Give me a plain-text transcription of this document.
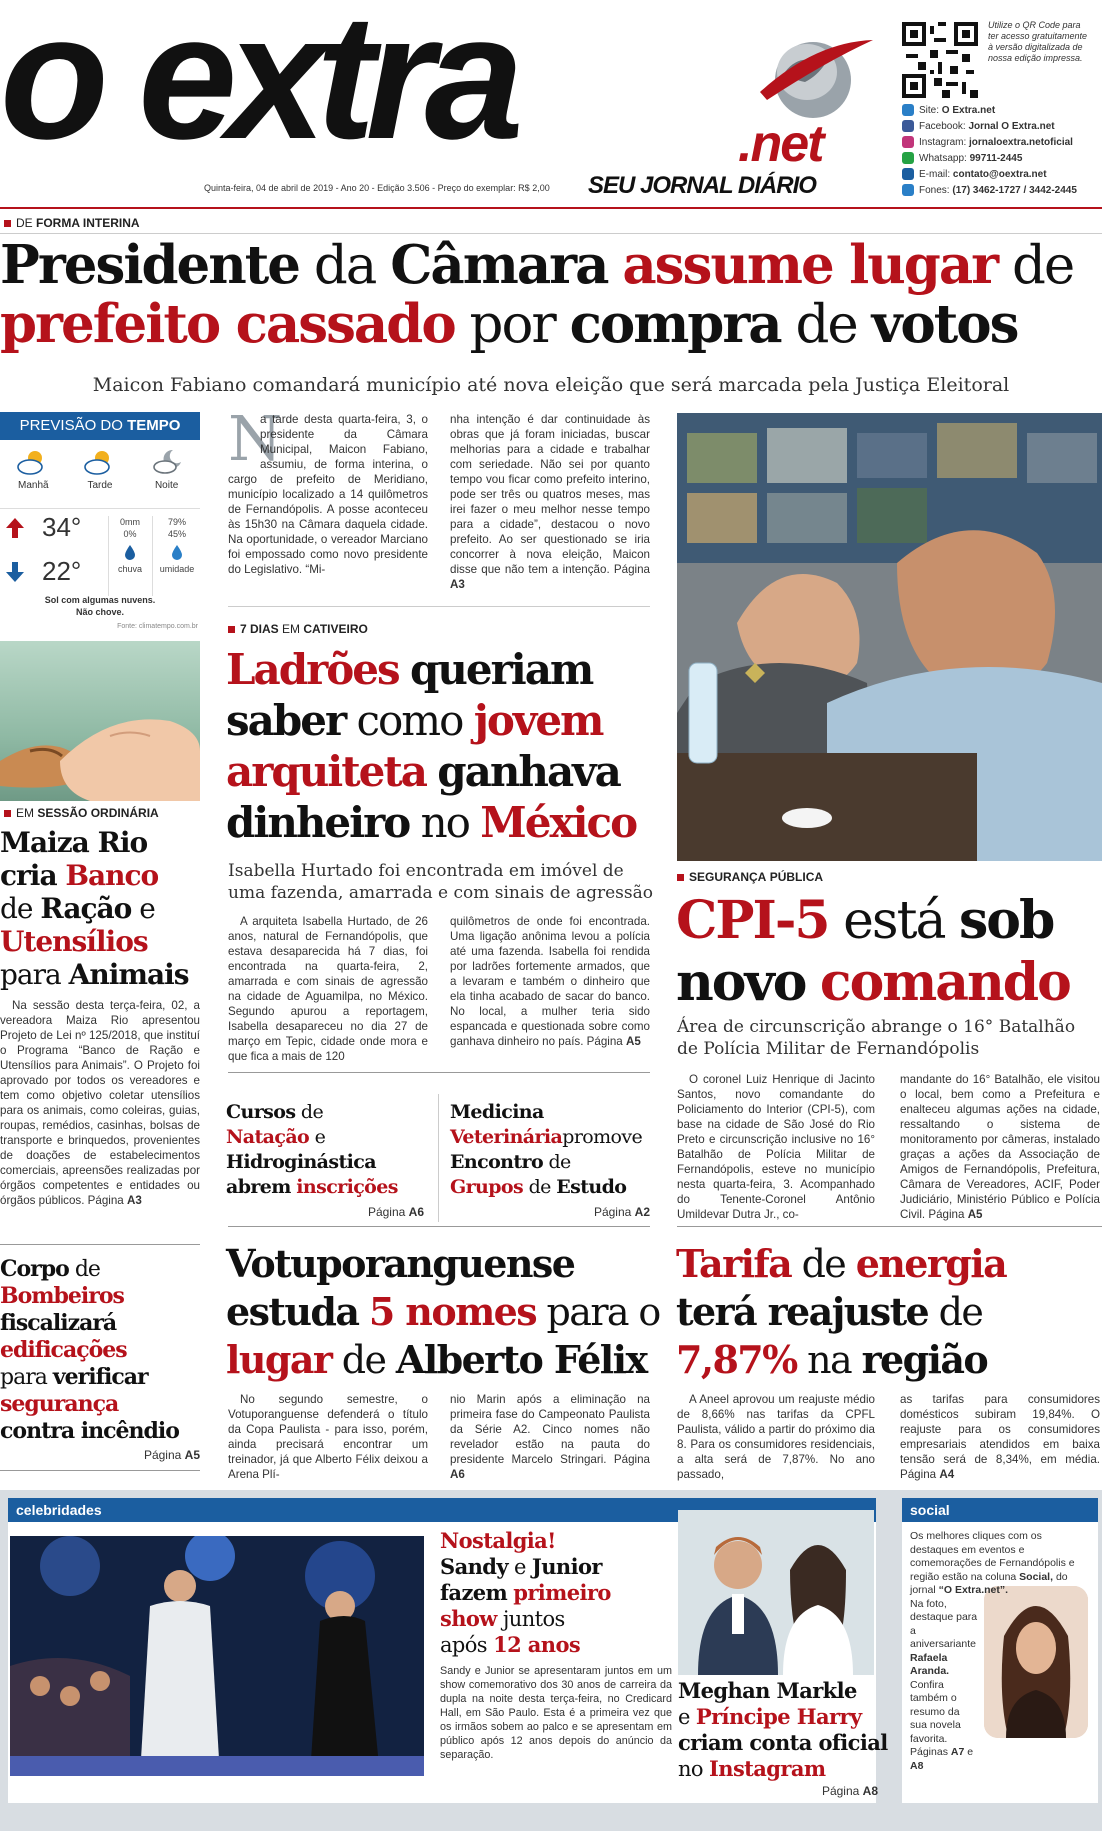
o extra	.net
SEU JORNAL DIÁRIO
Quinta-feira, 04 de abril de 2019 - Ano 20 - Edição 3.506 - Preço do exemplar: R$ 2,00
Utilize o QR Code para ter acesso gratuitamente à versão digitalizada de nossa edição impressa.
Site: O Extra.net
Facebook: Jornal O Extra.net
Instagram: jornaloextra.netoficial
Whatsapp: 99711-2445
E-mail: contato@oextra.net
Fones: (17) 3462-1727 / 3442-2445
DE FORMA INTERINA
Presidente da Câmara assume lugar de
prefeito cassado por compra de votos
Maicon Fabiano comandará município até nova eleição que será marcada pela Justiça Eleitoral
PREVISÃO DO TEMPO
Manhã	Tarde	Noite
34°
22°
0mm
0%
chuva
79%
45%
umidade
Sol com algumas nuvens.
Não chove.
Fonte: climatempo.com.br
EM SESSÃO ORDINÁRIA
Maiza Rio
cria Banco
de Ração e
Utensílios
para Animais

Na sessão desta terça-feira, 02, a vereadora Maiza Rio apresentou Projeto de Lei nº 125/2018, que instituí o Programa “Banco de Ração e Utensílios para Animais”. O Projeto foi aprovado por todos os vereadores e tem como objetivo coletar utensílios para os animais, como coleiras, guias, roupas, remédios, casinhas, bolsas de transporte e brinquedos, provenientes de doações de estabelecimentos comerciais, apreensões realizadas por órgãos competentes e entidades ou órgãos públicos. Página A3

Corpo de
Bombeiros
fiscalizará
edificações
para verificar
segurança
contra incêndio
Página A5
N

a tarde desta quarta-feira, 3, o presidente da Câmara Municipal, Maicon Fabiano, assumiu, de forma interina, o cargo de prefeito de Meridiano, município localizado a 14 quilômetros de Fernandópolis. A posse aconteceu às 15h30 na Câmara daquela cidade. Na oportunidade, o vereador Marciano foi empossado como novo presidente do Legislativo. “Mi-

nha intenção é dar continuidade às obras que já foram iniciadas, buscar melhorias para a cidade e trabalhar com seriedade. Não sei por quanto tempo vou ficar como prefeito interino, pode ser três ou quatros meses, mas irei fazer o meu melhor nesse tempo para a cidade”, destacou o novo prefeito. Ao ser questionado se iria concorrer à nova eleição, Maicon disse que não tem a intenção. Página A3

7 DIAS EM CATIVEIRO
Ladrões queriam
saber como jovem
arquiteta ganhava
dinheiro no México
Isabella Hurtado foi encontrada em imóvel de uma fazenda, amarrada e com sinais de agressão

A arquiteta Isabella Hurtado, de 26 anos, natural de Fernandópolis, que estava desaparecida há 7 dias, foi encontrada na quarta-feira, 2, amarrada e com sinais de agressão na cidade de Aguamilpa, no México. Segundo apurou a reportagem, Isabella desapareceu no dia 27 de março em Tepic, cidade onde mora e que fica a mais de 120

quilômetros de onde foi encontrada. Uma ligação anônima levou a polícia até uma fazenda. Isabella foi rendida por ladrões fortemente armados, que a levaram e também o dinheiro que ela tinha acabado de sacar do banco. No local, a mulher teria sido espancada e questionada sobre como ganhava dinheiro no país. Página A5

Cursos de
Natação e
Hidroginástica
abrem inscrições
Página A6
Medicina
Veterináriapromove
Encontro de
Grupos de Estudo
Página A2
Votuporanguense
estuda 5 nomes para o
lugar de Alberto Félix

No segundo semestre, o Votuporanguense defenderá o título da Copa Paulista - para isso, porém, ainda precisará encontrar um treinador, já que Alberto Félix deixou a Arena Plí-

nio Marin após a eliminação na primeira fase do Campeonato Paulista da Série A2. Cinco nomes não revelador estão na pauta do presidente Marcelo Stringari. Página A6

SEGURANÇA PÚBLICA
CPI-5 está sob
novo comando
Área de circunscrição abrange o 16° Batalhão de Polícia Militar de Fernandópolis

O coronel Luiz Henrique di Jacinto Santos, novo comandante do Policiamento do Interior (CPI-5), com base na cidade de São José do Rio Preto e circunscrição inclusive no 16° Batalhão de Polícia Militar de Fernandópolis, esteve no município nesta quarta-feira, 3. Acompanhado do Tenente-Coronel Antônio Umildevar Dutra Jr., co-

mandante do 16° Batalhão, ele visitou o local, bem como a Prefeitura e enalteceu algumas ações na cidade, ressaltando o sistema de monitoramento por câmeras, instalado graças a ações da Associação de Amigos de Fernandópolis, Prefeitura, Câmara de Vereadores, ACIF, Poder Judiciário, Ministério Público e Polícia Civil. Página A5

Tarifa de energia
terá reajuste de
7,87% na região

A Aneel aprovou um reajuste médio de 8,66% nas tarifas da CPFL Paulista, válido a partir do próximo dia 8. Para os consumidores residenciais, a alta será de 7,87%. No ano passado,

as tarifas para consumidores domésticos subiram 19,84%. O reajuste para os consumidores empresariais atendidos em baixa tensão será de 8,34%, em média. Página A4

celebridades
Nostalgia!
Sandy e Junior
fazem primeiro
show juntos
após 12 anos

Sandy e Junior se apresentaram juntos em um show comemorativo dos 30 anos de carreira da dupla na noite desta terça-feira, no Credicard Hall, em São Paulo. Esta é a primeira vez que os irmãos sobem ao palco e se apresentam em público após 12 anos depois do anúncio da separação.

Meghan Markle
e Príncipe Harry
criam conta oficial
no Instagram
Página A8
social
Os melhores cliques com os destaques em eventos e comemorações de Fernandópolis e região estão na coluna Social, do jornal “O Extra.net”.
Na foto, destaque para a aniversariante Rafaela Aranda. Confira também o resumo da sua novela favorita. Páginas A7 e A8
